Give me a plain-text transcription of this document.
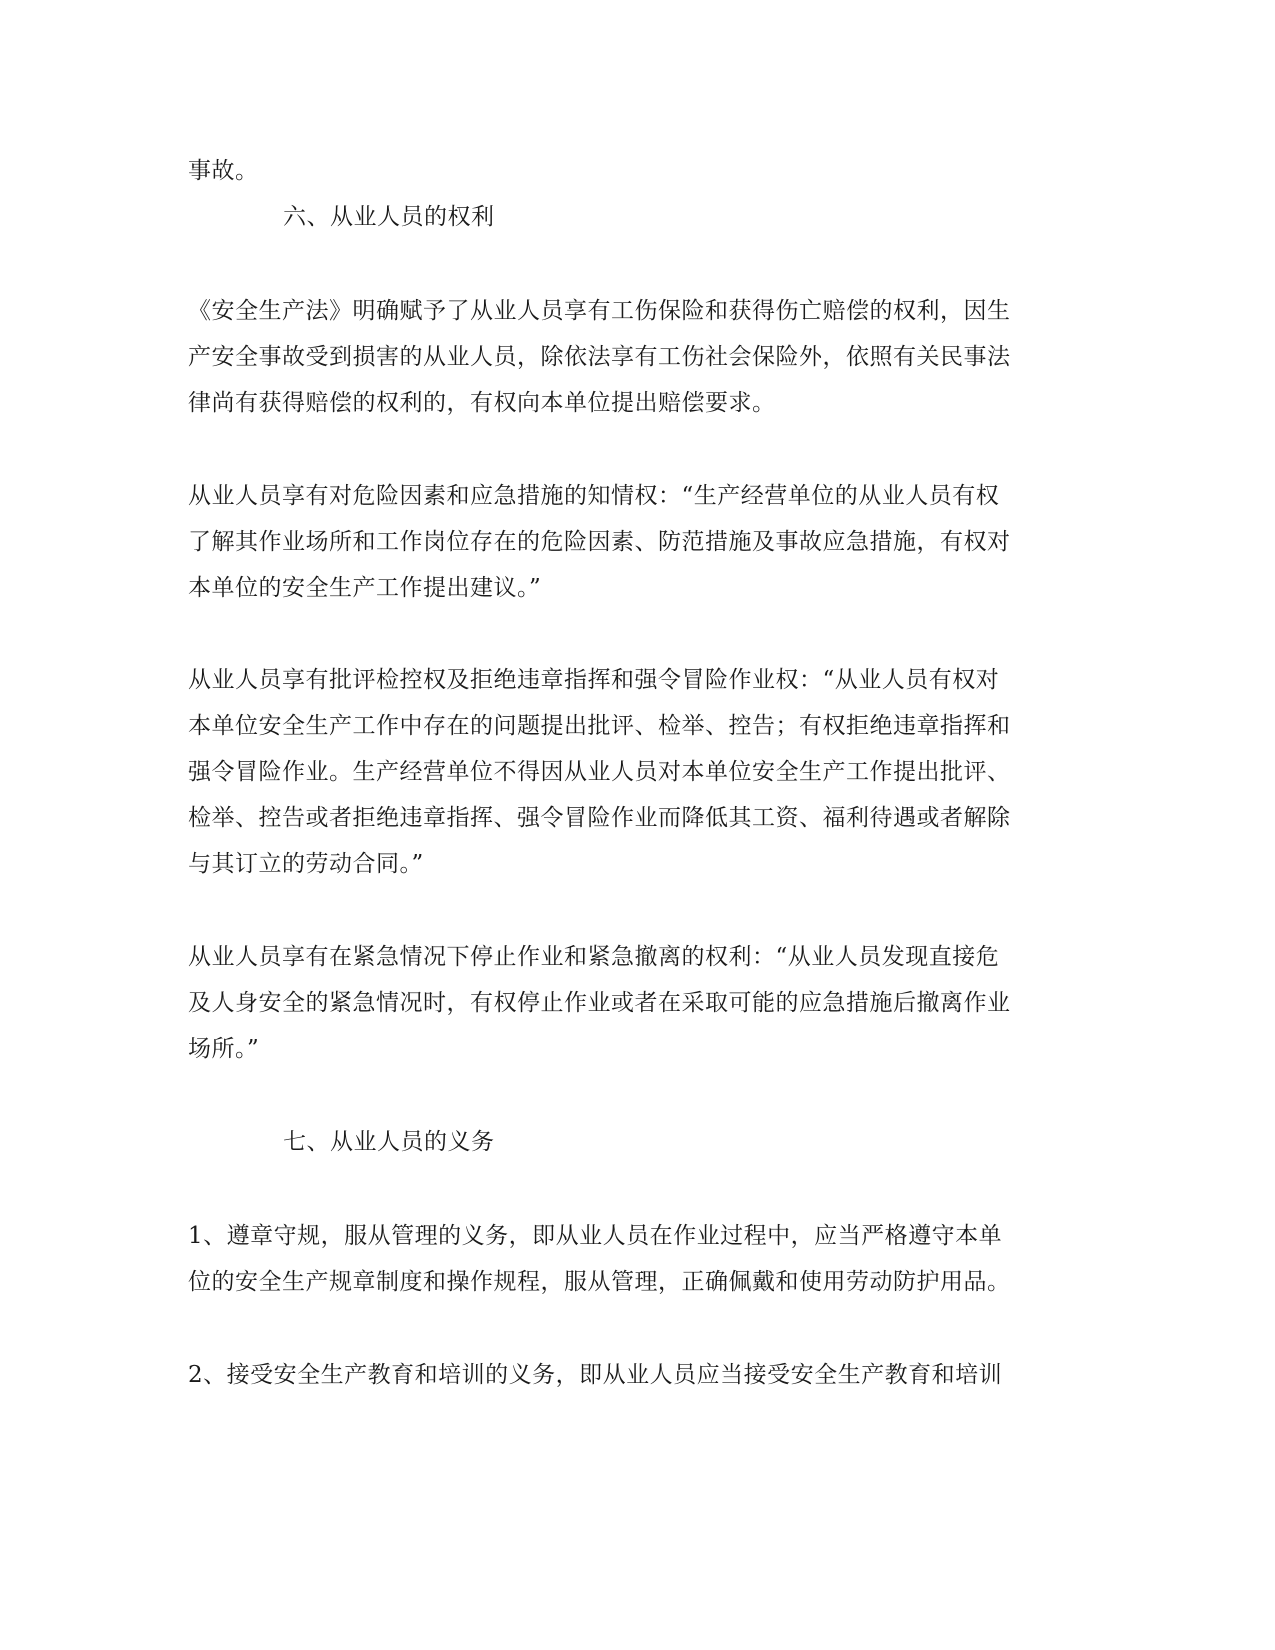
事故。
六、从业人员的权利
《安全生产法》明确赋予了从业人员享有工伤保险和获得伤亡赔偿的权利，因生
产安全事故受到损害的从业人员，除依法享有工伤社会保险外，依照有关民事法
律尚有获得赔偿的权利的，有权向本单位提出赔偿要求。
从业人员享有对危险因素和应急措施的知情权：“生产经营单位的从业人员有权
了解其作业场所和工作岗位存在的危险因素、防范措施及事故应急措施，有权对
本单位的安全生产工作提出建议。”
从业人员享有批评检控权及拒绝违章指挥和强令冒险作业权：“从业人员有权对
本单位安全生产工作中存在的问题提出批评、检举、控告；有权拒绝违章指挥和
强令冒险作业。生产经营单位不得因从业人员对本单位安全生产工作提出批评、
检举、控告或者拒绝违章指挥、强令冒险作业而降低其工资、福利待遇或者解除
与其订立的劳动合同。”
从业人员享有在紧急情况下停止作业和紧急撤离的权利：“从业人员发现直接危
及人身安全的紧急情况时，有权停止作业或者在采取可能的应急措施后撤离作业
场所。”
七、从业人员的义务
1、遵章守规，服从管理的义务，即从业人员在作业过程中，应当严格遵守本单
位的安全生产规章制度和操作规程，服从管理，正确佩戴和使用劳动防护用品。
2、接受安全生产教育和培训的义务，即从业人员应当接受安全生产教育和培训
